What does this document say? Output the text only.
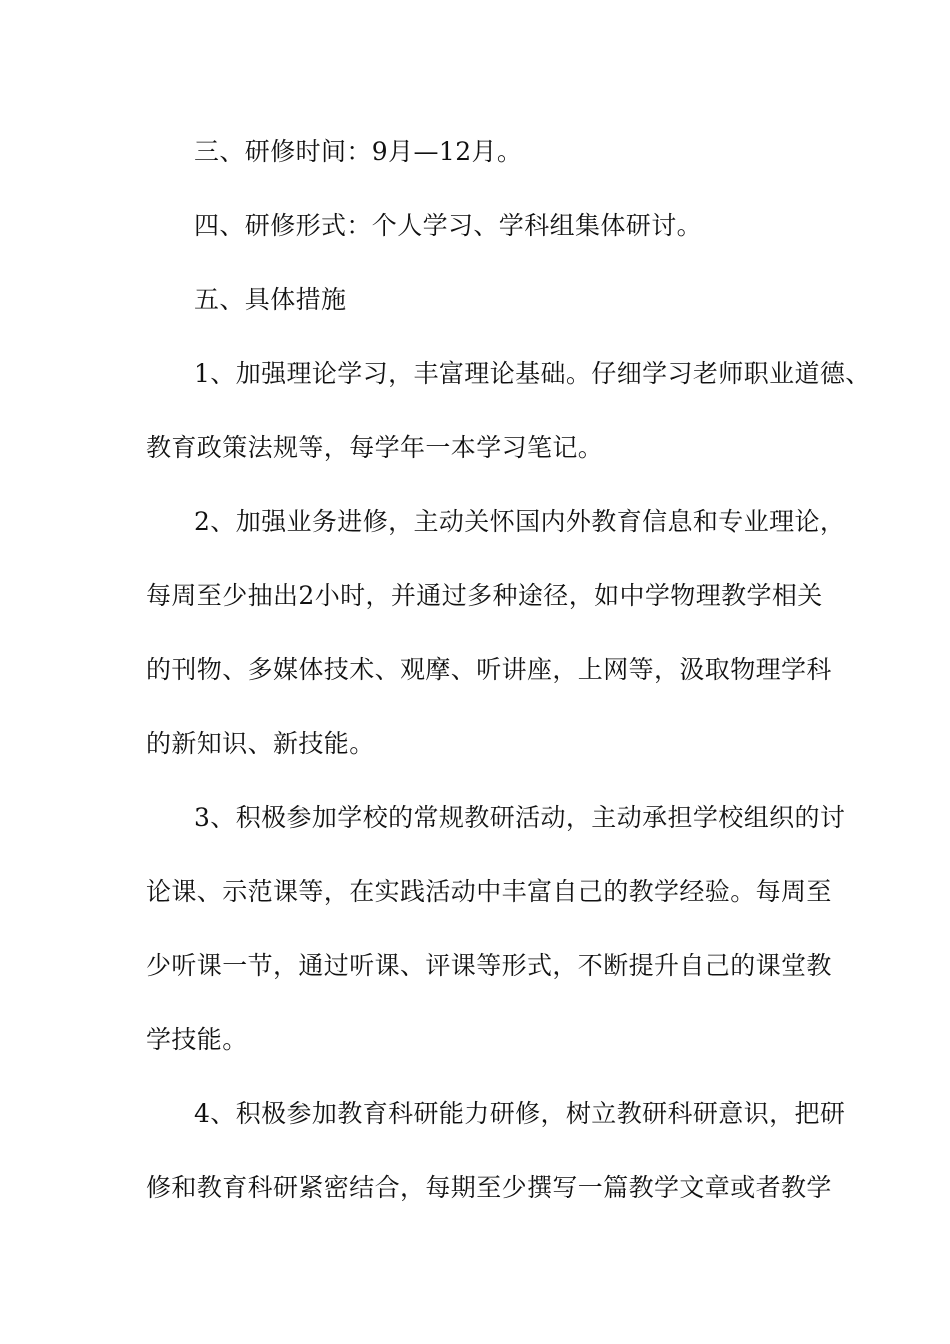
三、研修时间：9月—12月。
四、研修形式：个人学习、学科组集体研讨。
五、具体措施
1、加强理论学习，丰富理论基础。仔细学习老师职业道德、
教育政策法规等，每学年一本学习笔记。
2、加强业务进修，主动关怀国内外教育信息和专业理论，
每周至少抽出2小时，并通过多种途径，如中学物理教学相关
的刊物、多媒体技术、观摩、听讲座，上网等，汲取物理学科
的新知识、新技能。
3、积极参加学校的常规教研活动，主动承担学校组织的讨
论课、示范课等，在实践活动中丰富自己的教学经验。每周至
少听课一节，通过听课、评课等形式，不断提升自己的课堂教
学技能。
4、积极参加教育科研能力研修，树立教研科研意识，把研
修和教育科研紧密结合，每期至少撰写一篇教学文章或者教学
